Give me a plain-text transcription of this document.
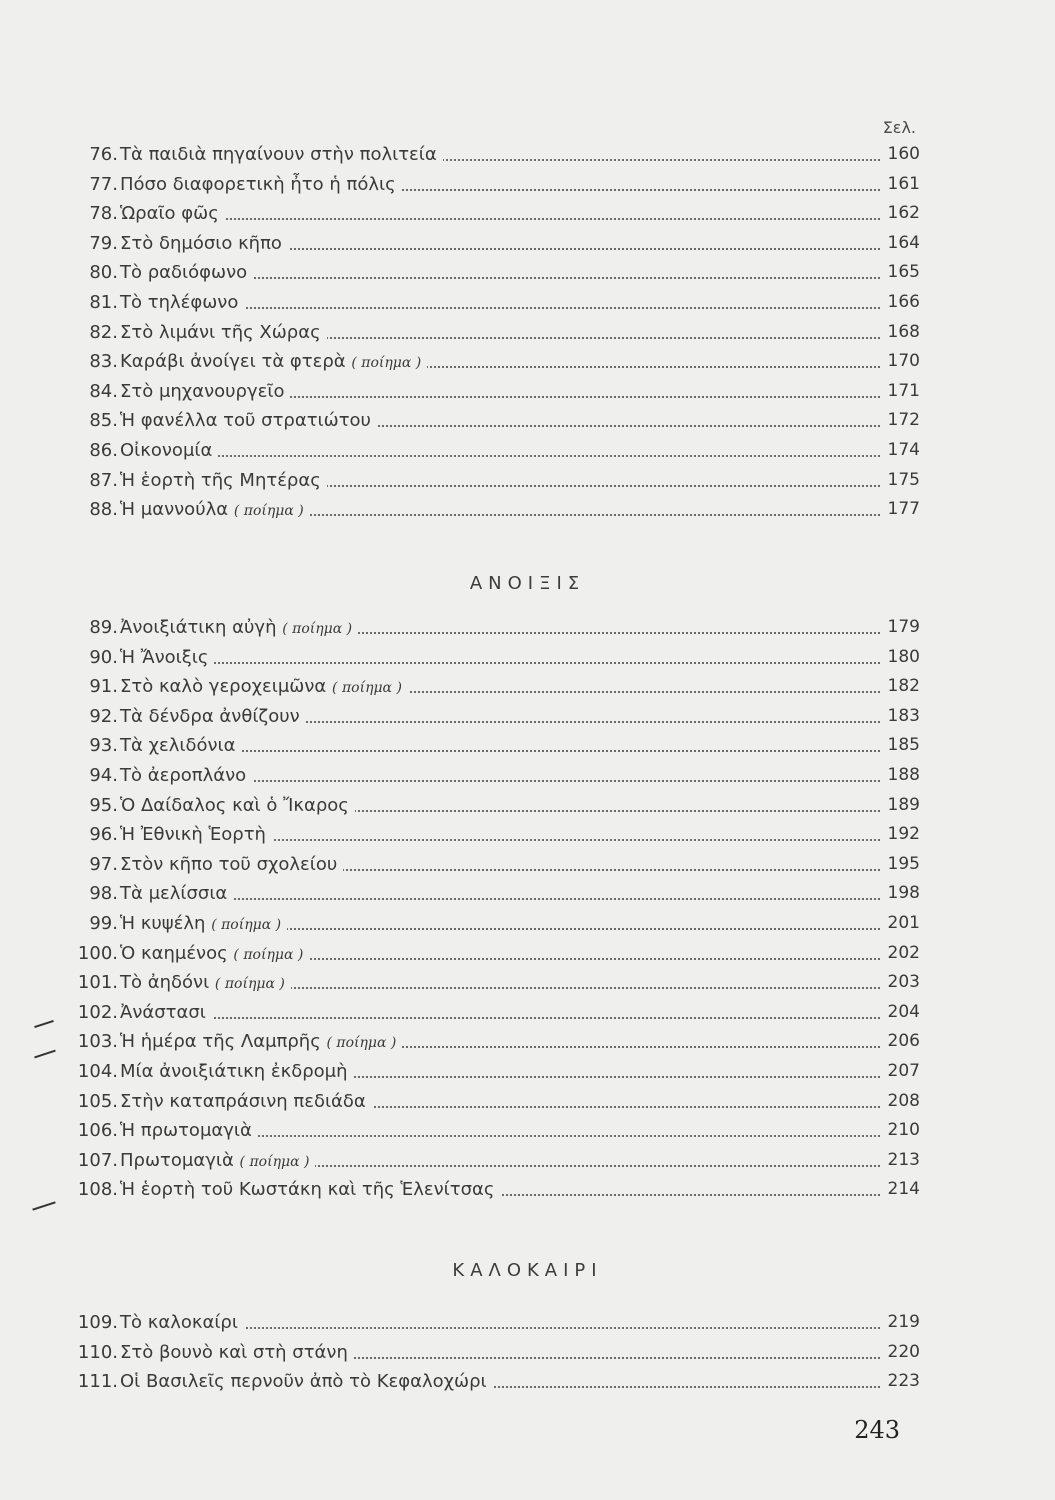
Σελ.
76. Τὰ παιδιὰ πηγαίνουν στὴν πολιτεία	160
77. Πόσο διαφορετικὴ ἦτο ἡ πόλις	161
78. Ὡραῖο φῶς	162
79. Στὸ δημόσιο κῆπο	164
80. Τὸ ραδιόφωνο	165
81. Τὸ τηλέφωνο	166
82. Στὸ λιμάνι τῆς Χώρας	168
83. Καράβι ἀνοίγει τὰ φτερὰ ( ποίημα )	170
84. Στὸ μηχανουργεῖο	171
85. Ἡ φανέλλα τοῦ στρατιώτου	172
86. Οἰκονομία	174
87. Ἡ ἑορτὴ τῆς Μητέρας	175
88. Ἡ μαννούλα ( ποίημα )	177
ΑΝΟΙΞΙΣ
89. Ἀνοιξιάτικη αὐγὴ ( ποίημα )	179
90. Ἡ Ἄνοιξις	180
91. Στὸ καλὸ γεροχειμῶνα ( ποίημα )	182
92. Τὰ δένδρα ἀνθίζουν	183
93. Τὰ χελιδόνια	185
94. Τὸ ἀεροπλάνο	188
95. Ὁ Δαίδαλος καὶ ὁ Ἴκαρος	189
96. Ἡ Ἐθνικὴ Ἑορτὴ	192
97. Στὸν κῆπο τοῦ σχολείου	195
98. Τὰ μελίσσια	198
99. Ἡ κυψέλη ( ποίημα )	201
100. Ὁ καημένος ( ποίημα )	202
101. Τὸ ἀηδόνι ( ποίημα )	203
102. Ἀνάστασι	204
103. Ἡ ἡμέρα τῆς Λαμπρῆς ( ποίημα )	206
104. Μία ἀνοιξιάτικη ἐκδρομὴ	207
105. Στὴν καταπράσινη πεδιάδα	208
106. Ἡ πρωτομαγιὰ	210
107. Πρωτομαγιὰ ( ποίημα )	213
108. Ἡ ἑορτὴ τοῦ Κωστάκη καὶ τῆς Ἑλενίτσας	214
ΚΑΛΟΚΑΙΡΙ
109. Τὸ καλοκαίρι	219
110. Στὸ βουνὸ καὶ στὴ στάνη	220
111. Οἱ Βασιλεῖς περνοῦν ἀπὸ τὸ Κεφαλοχώρι	223
243
